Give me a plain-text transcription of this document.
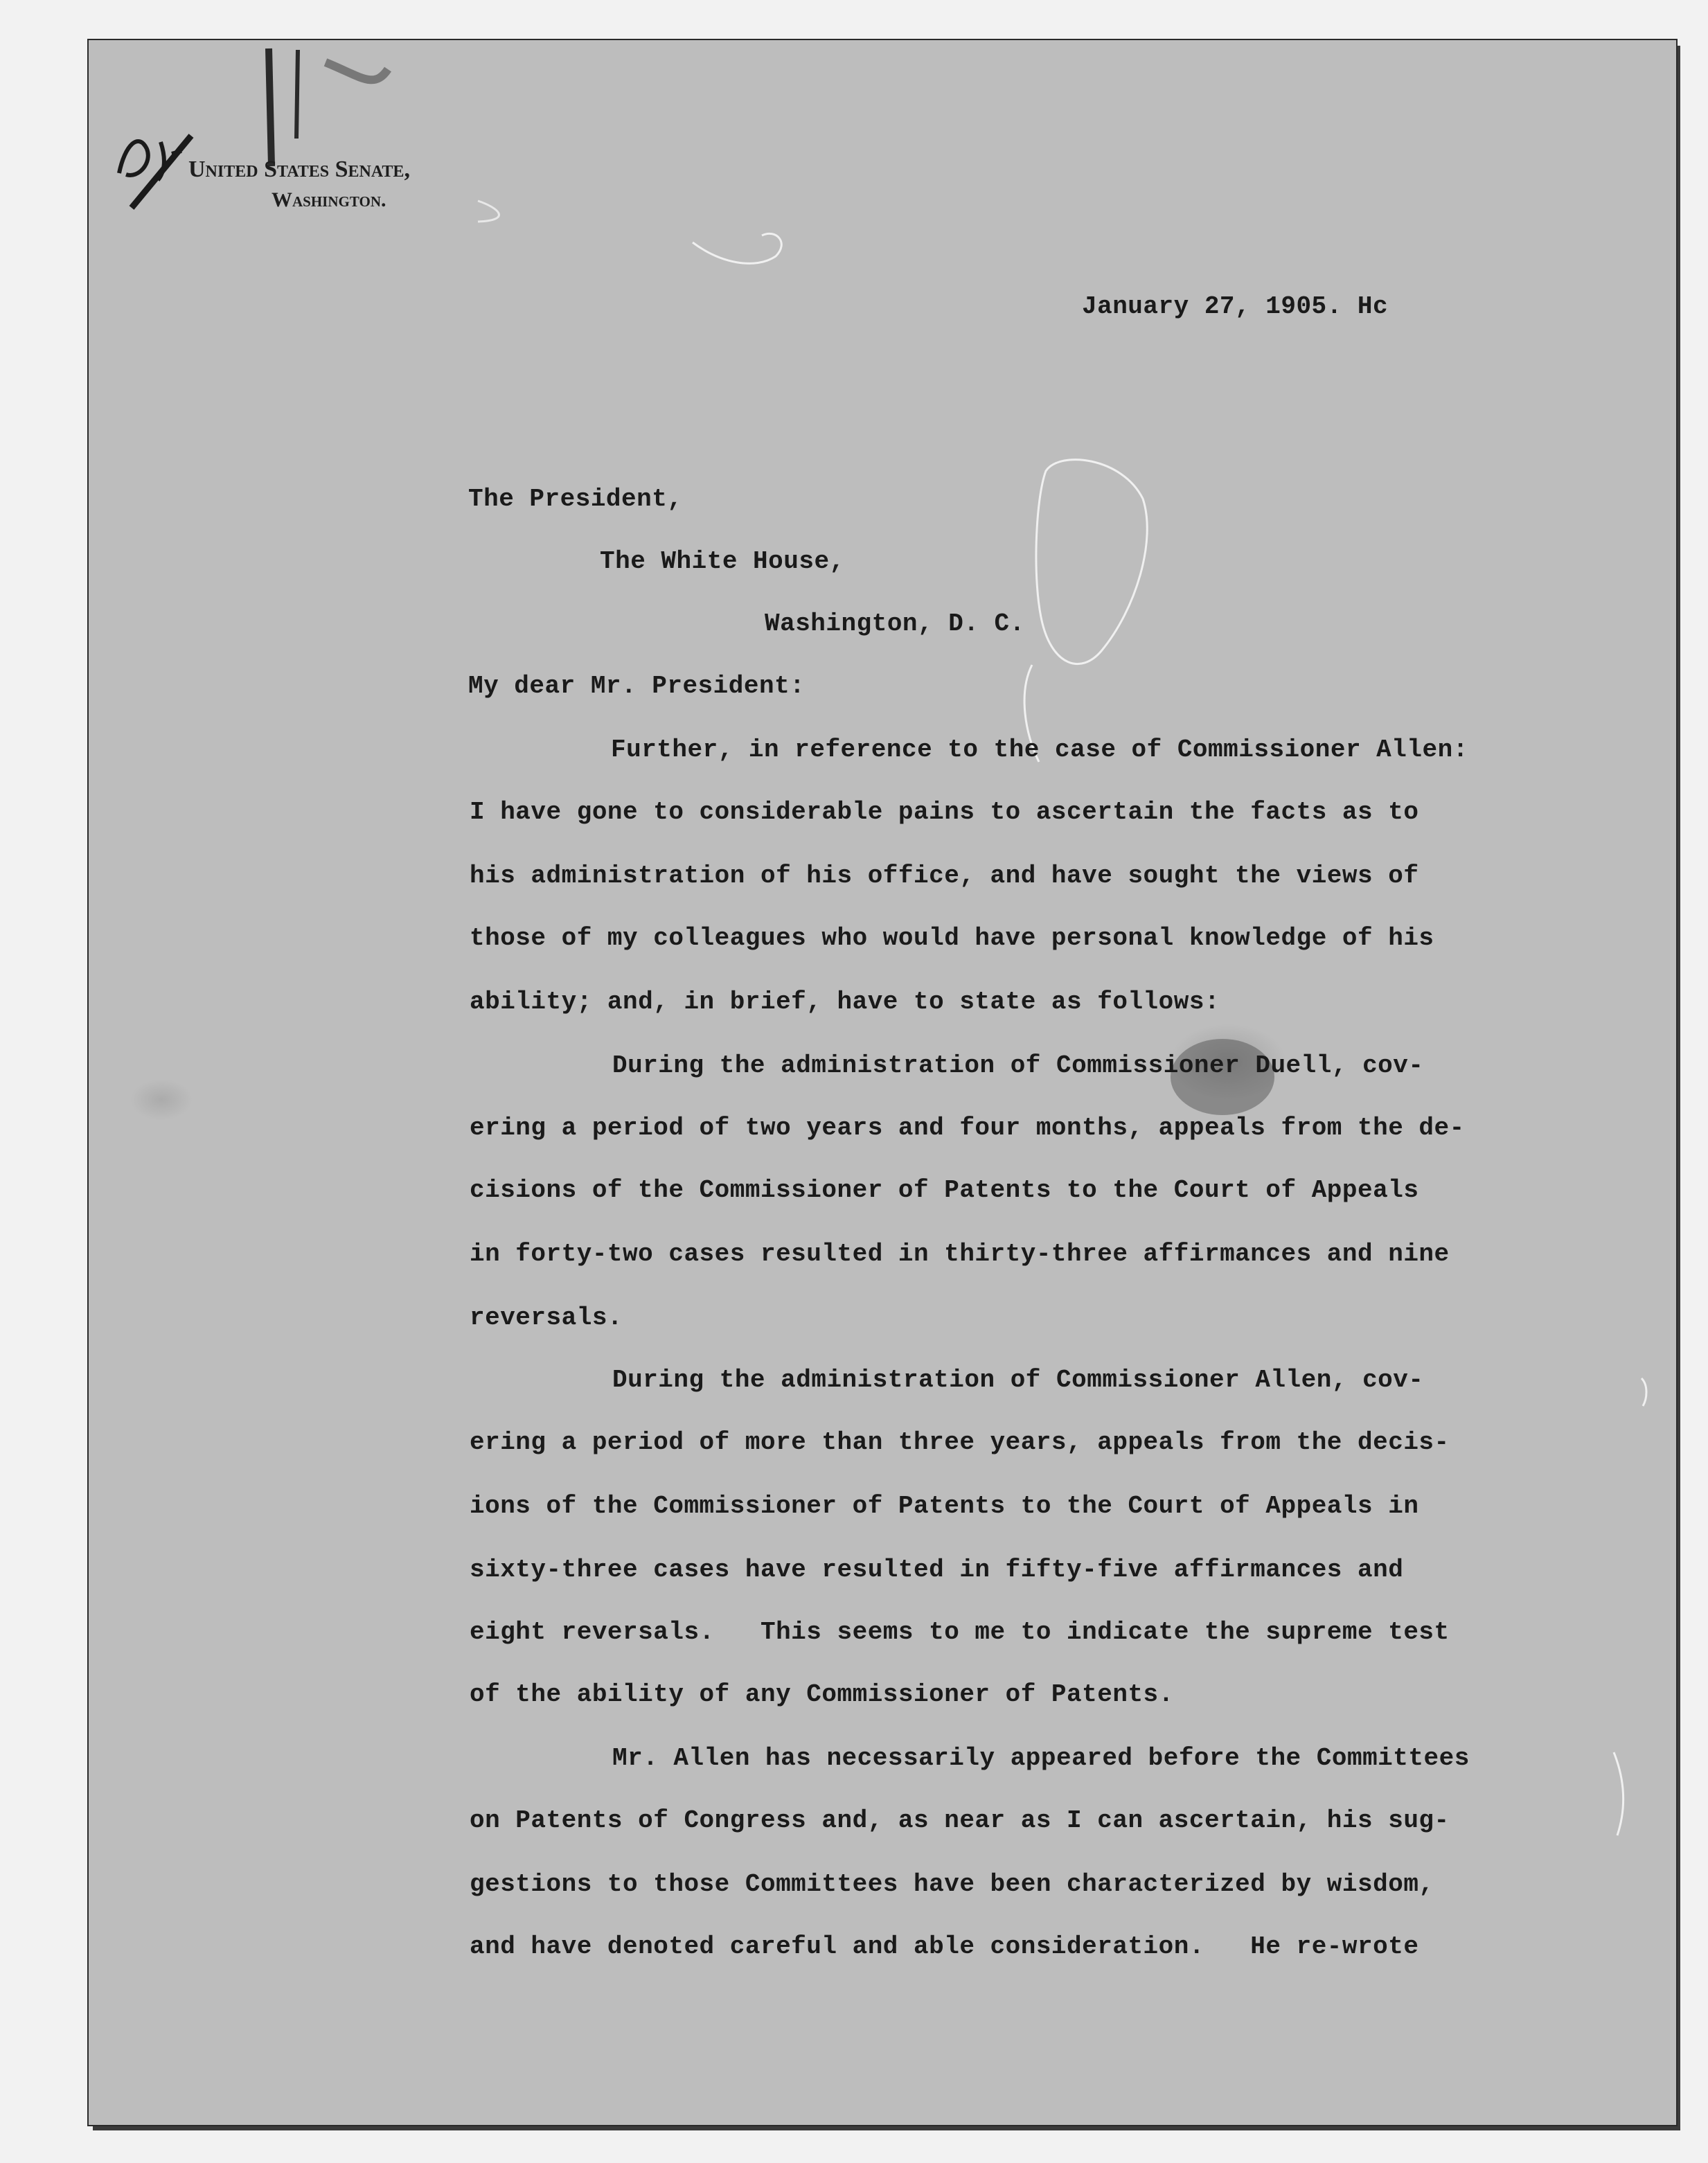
United States Senate,
Washington.
January 27, 1905. Hc
The President,
The White House,
Washington, D. C.
My dear Mr. President:
Further, in reference to the case of Commissioner Allen:
I have gone to considerable pains to ascertain the facts as to
his administration of his office, and have sought the views of
those of my colleagues who would have personal knowledge of his
ability; and, in brief, have to state as follows:
During the administration of Commissioner Duell, cov-
ering a period of two years and four months, appeals from the de-
cisions of the Commissioner of Patents to the Court of Appeals
in forty-two cases resulted in thirty-three affirmances and nine
reversals.
During the administration of Commissioner Allen, cov-
ering a period of more than three years, appeals from the decis-
ions of the Commissioner of Patents to the Court of Appeals in
sixty-three cases have resulted in fifty-five affirmances and
eight reversals.   This seems to me to indicate the supreme test
of the ability of any Commissioner of Patents.
Mr. Allen has necessarily appeared before the Committees
on Patents of Congress and, as near as I can ascertain, his sug-
gestions to those Committees have been characterized by wisdom,
and have denoted careful and able consideration.   He re-wrote
